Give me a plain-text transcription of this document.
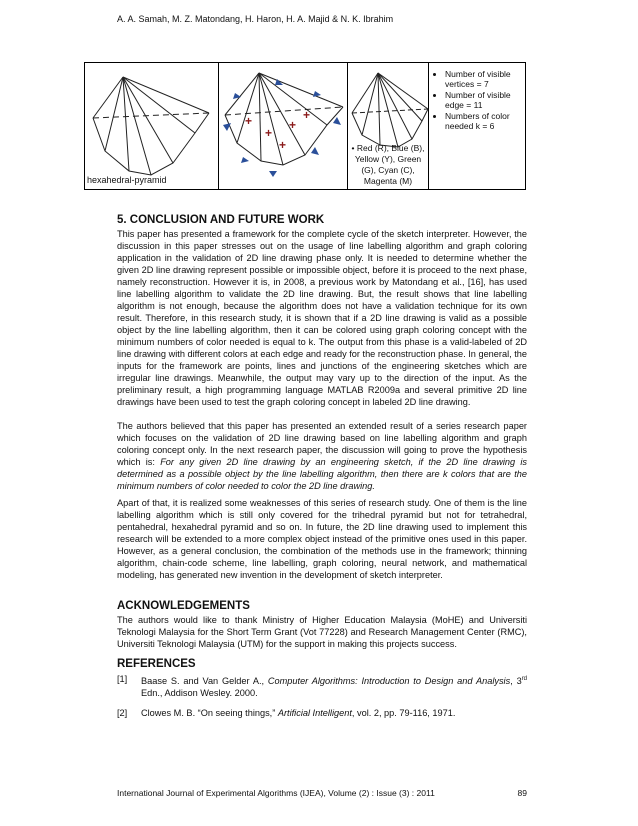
A. A. Samah, M. Z. Matondang, H. Haron, H. A. Majid & N. K. Ibrahim
hexahedral-pyramid
+
+
+
+
+	• Red (R), Blue (B), Yellow (Y), Green (G), Cyan (C), Magenta (M)
• Number of visible vertices = 7
• Number of visible edge = 11
• Numbers of color needed k = 6
5. CONCLUSION AND FUTURE WORK

This paper has presented a framework for the complete cycle of the sketch interpreter. However, the discussion in this paper stresses out on the usage of line labelling algorithm and graph coloring application in the validation of 2D line drawing phase only. It is needed to determine whether the given 2D line drawing represent possible or impossible object, before it is proceed to the next phase, namely reconstruction. However it is, in 2008, a previous work by Matondang et al., [16], has used line labelling algorithm to validate the 2D line drawing. But, the result shows that line labelling algorithm is not enough, because the algorithm does not have a validation technique for its own result. Therefore, in this research study, it is shown that if a 2D line drawing is valid as a possible object by the line labelling algorithm, then it can be colored using graph coloring concept with the minimum numbers of color needed is equal to k. The output from this phase is a valid-labeled of 2D line drawing with different colors at each edge and ready for the reconstruction phase. In general, the inputs for the framework are points, lines and junctions of the engineering sketches which are irregular line drawings. Meanwhile, the output may vary up to the direction of the input. As the preliminary result, a high programming language MATLAB R2009a and several primitive 2D line drawings have been used to test the graph coloring concept in labeled 2D line drawing.

The authors believed that this paper has presented an extended result of a series research paper which focuses on the validation of 2D line drawing based on line labelling algorithm and graph coloring concept only. In the next research paper, the discussion will going to prove the hypothesis which is: For any given 2D line drawing by an engineering sketch, if the 2D line drawing is determined as a possible object by the line labelling algorithm, then there are k colors that are the minimum numbers of color needed to color the 2D line drawing.

Apart of that, it is realized some weaknesses of this series of research study. One of them is the line labelling algorithm which is still only covered for the trihedral pyramid but not for tetrahedral, pentahedral, hexahedral pyramid and so on. In future, the 2D line drawing used to implement this research will be extended to a more complex object instead of the primitive ones used in this paper. However, as a general conclusion, the combination of the methods use in the framework; thinning algorithm, chain-code scheme, line labelling, graph coloring, neural network, and mathematical modeling, has generated new invention in the development of sketch interpreter.

ACKNOWLEDGEMENTS

The authors would like to thank Ministry of Higher Education Malaysia (MoHE) and Universiti Teknologi Malaysia for the Short Term Grant (Vot 77228) and Research Management Center (RMC), Universiti Teknologi Malaysia (UTM) for the support in making this projects success.

REFERENCES
[1] Baase S. and Van Gelder A., Computer Algorithms: Introduction to Design and Analysis, 3rd Edn., Addison Wesley. 2000.
[2] Clowes M. B. “On seeing things,” Artificial Intelligent, vol. 2, pp. 79-116, 1971.
International Journal of Experimental Algorithms (IJEA), Volume (2) : Issue (3) : 2011	89
